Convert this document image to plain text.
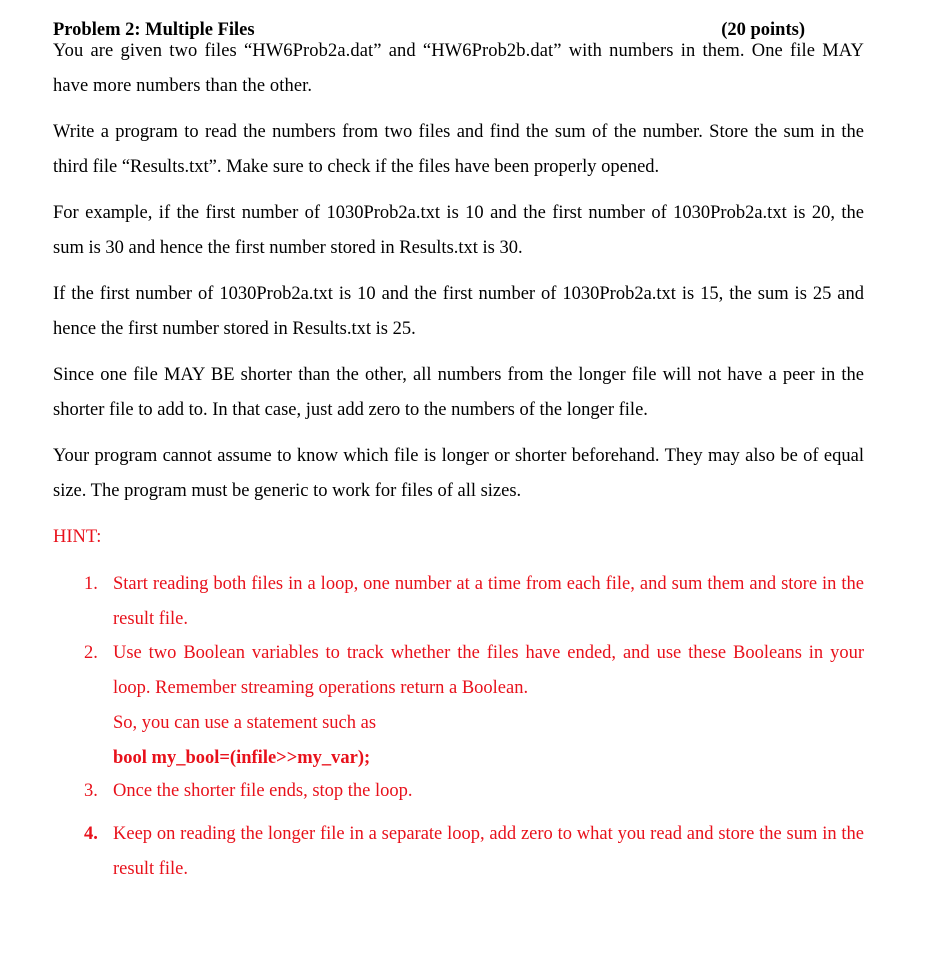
Problem 2: Multiple Files	(20 points)

You are given two files “HW6Prob2a.dat” and “HW6Prob2b.dat” with numbers in them. One file MAY have more numbers than the other.

Write a program to read the numbers from two files and find the sum of the number. Store the sum in the third file “Results.txt”. Make sure to check if the files have been properly opened.

For example, if the first number of 1030Prob2a.txt is 10 and the first number of 1030Prob2a.txt is 20, the sum is 30 and hence the first number stored in Results.txt is 30.

If the first number of 1030Prob2a.txt is 10 and the first number of 1030Prob2a.txt is 15, the sum is 25 and hence the first number stored in Results.txt is 25.

Since one file MAY BE shorter than the other, all numbers from the longer file will not have a peer in the shorter file to add to. In that case, just add zero to the numbers of the longer file.

Your program cannot assume to know which file is longer or shorter beforehand. They may also be of equal size. The program must be generic to work for files of all sizes.

HINT:
1. Start reading both files in a loop, one number at a time from each file, and sum them and store in the result file.
2. Use two Boolean variables to track whether the files have ended, and use these Booleans in your loop. Remember streaming operations return a Boolean.
So, you can use a statement such as
bool my_bool=(infile>>my_var);
3. Once the shorter file ends, stop the loop.
4. Keep on reading the longer file in a separate loop, add zero to what you read and store the sum in the result file.
